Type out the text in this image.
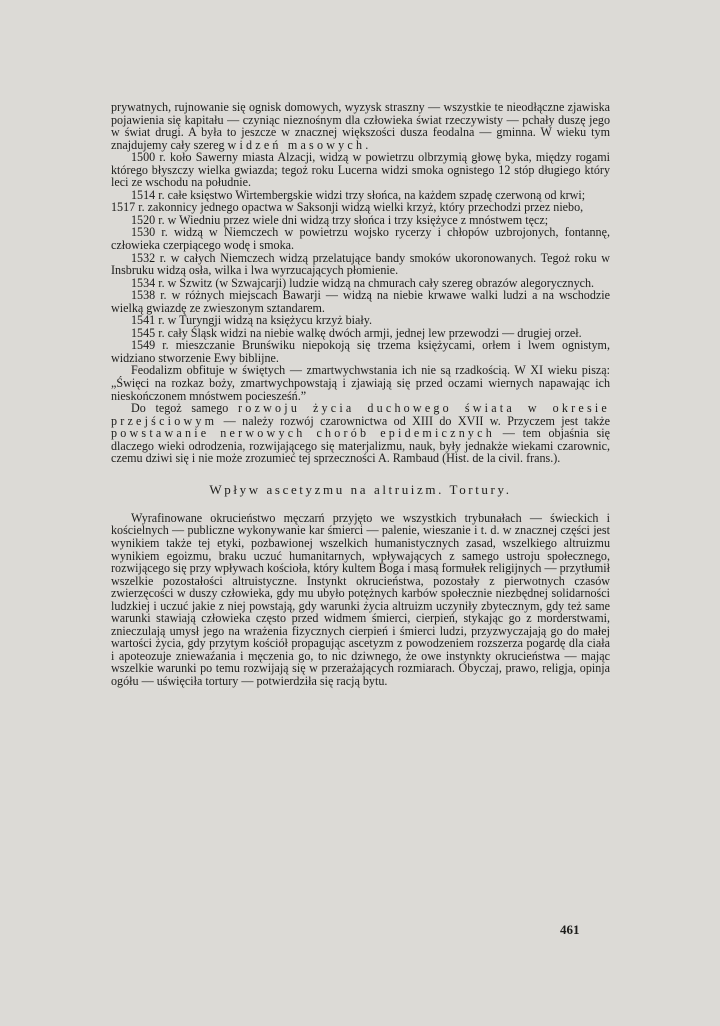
prywatnych, rujnowanie się ognisk domowych, wyzysk straszny — wszystkie te nieodłączne zjawiska pojawienia się kapitału — czyniąc nieznośnym dla człowieka świat rzeczywisty — pchały duszę jego w świat drugi. A była to jeszcze w znacznej większości dusza feodalna — gminna. W wieku tym znajdujemy cały szereg widzeń masowych.

1500 r. koło Sawerny miasta Alzacji, widzą w powietrzu olbrzymią głowę byka, między rogami którego błyszczy wielka gwiazda; tegoż roku Lucerna widzi smoka ognistego 12 stóp długiego który leci ze wschodu na południe.

1514 r. całe księstwo Wirtembergskie widzi trzy słońca, na każdem szpadę czerwoną od krwi;

1517 r. zakonnicy jednego opactwa w Saksonji widzą wielki krzyż, który przechodzi przez niebo,

1520 r. w Wiedniu przez wiele dni widzą trzy słońca i trzy księżyce z mnóstwem tęcz;

1530 r. widzą w Niemczech w powietrzu wojsko rycerzy i chłopów uzbrojonych, fontannę, człowieka czerpiącego wodę i smoka.

1532 r. w całych Niemczech widzą przelatujące bandy smoków ukoronowanych. Tegoż roku w Insbruku widzą osła, wilka i lwa wyrzucających płomienie.

1534 r. w Szwitz (w Szwajcarji) ludzie widzą na chmurach cały szereg obrazów alegorycznych.

1538 r. w różnych miejscach Bawarji — widzą na niebie krwawe walki ludzi a na wschodzie wielką gwiazdę ze zwieszonym sztandarem.

1541 r. w Turyngji widzą na księżycu krzyż biały.

1545 r. cały Śląsk widzi na niebie walkę dwóch armji, jednej lew przewodzi — drugiej orzeł.

1549 r. mieszczanie Brunświku niepokoją się trzema księżycami, orłem i lwem ognistym, widziano stworzenie Ewy biblijne.

Feodalizm obfituje w świętych — zmartwychwstania ich nie są rzadkością. W XI wieku piszą: „Święci na rozkaz boży, zmartwychpowstają i zjawiają się przed oczami wiernych napawając ich nieskończonem mnóstwem pociesześń.”

Do tegoż samego rozwoju życia duchowego świata w okresie przejściowym — należy rozwój czarownictwa od XIII do XVII w. Przyczem jest także powstawanie nerwowych chorób epidemicznych — tem objaśnia się dlaczego wieki odrodzenia, rozwijającego się materjalizmu, nauk, były jednakże wiekami czarownic, czemu dziwi się i nie może zrozumieć tej sprzeczności A. Rambaud (Hist. de la civil. frans.).

Wpływ ascetyzmu na altruizm. Tortury.

Wyrafinowane okrucieństwo męczarń przyjęto we wszystkich trybunałach — świeckich i kościelnych — publiczne wykonywanie kar śmierci — palenie, wieszanie i t. d. w znacznej części jest wynikiem także tej etyki, pozbawionej wszelkich humanistycznych zasad, wszelkiego altruizmu wynikiem egoizmu, braku uczuć humanitarnych, wpływających z samego ustroju społecznego, rozwijącego się przy wpływach kościoła, który kultem Boga i masą formułek religijnych — przytłumił wszelkie pozostałości altruistyczne. Instynkt okrucieństwa, pozostały z pierwotnych czasów zwierzęcości w duszy człowieka, gdy mu ubyło potężnych karbów społecznie niezbędnej solidarności ludzkiej i uczuć jakie z niej powstają, gdy warunki życia altruizm uczyniły zbytecznym, gdy też same warunki stawiają człowieka często przed widmem śmierci, cierpień, stykając go z morderstwami, znieczulają umysł jego na wrażenia fizycznych cierpień i śmierci ludzi, przyzwyczajają go do małej wartości życia, gdy przytym kościół propagując ascetyzm z powodzeniem rozszerza pogardę dla ciała i apoteozuje zniewaźania i męczenia go, to nic dziwnego, że owe instynkty okrucieństwa — mając wszelkie warunki po temu rozwijają się w przerażających rozmiarach. Obyczaj, prawo, religja, opinja ogółu — uświęciła tortury — potwierdziła się racją bytu.

461
